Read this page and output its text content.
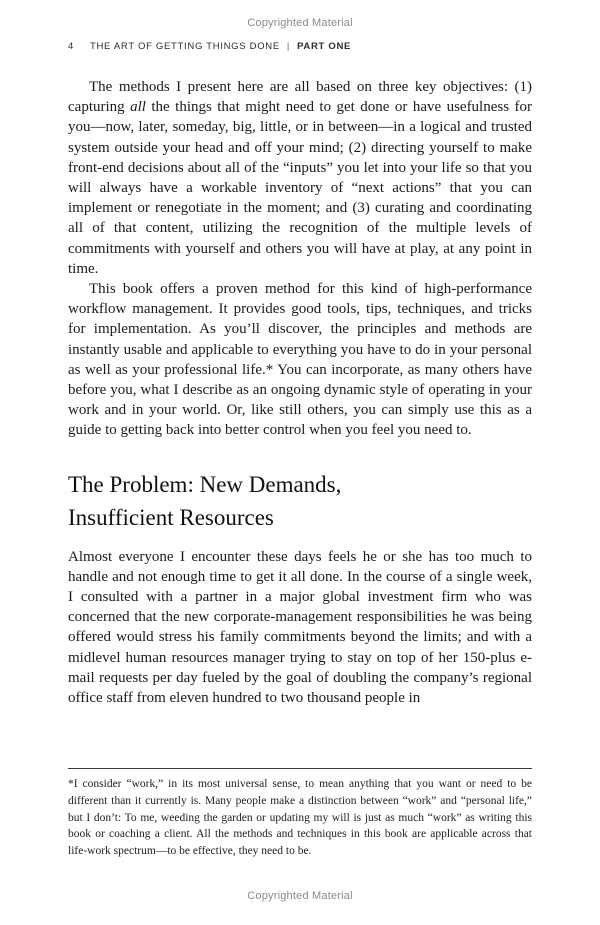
Copyrighted Material
4 THE ART OF GETTING THINGS DONE | PART ONE

The methods I present here are all based on three key objectives: (1) capturing all the things that might need to get done or have usefulness for you—now, later, someday, big, little, or in between—in a logical and trusted system outside your head and off your mind; (2) directing yourself to make front-end decisions about all of the “inputs” you let into your life so that you will always have a workable inventory of “next actions” that you can implement or renegotiate in the moment; and (3) curating and coordinating all of that content, utilizing the recognition of the multiple levels of commitments with yourself and others you will have at play, at any point in time.

This book offers a proven method for this kind of high-performance workflow management. It provides good tools, tips, techniques, and tricks for implementation. As you’ll discover, the principles and methods are instantly usable and applicable to everything you have to do in your personal as well as your professional life.* You can incorporate, as many others have before you, what I describe as an ongoing dynamic style of operating in your work and in your world. Or, like still others, you can simply use this as a guide to getting back into better control when you feel you need to.

The Problem: New Demands,
Insufficient Resources

Almost everyone I encounter these days feels he or she has too much to handle and not enough time to get it all done. In the course of a single week, I consulted with a partner in a major global investment firm who was concerned that the new corporate-management responsibilities he was being offered would stress his family commitments beyond the limits; and with a midlevel human resources manager trying to stay on top of her 150-plus e-mail requests per day fueled by the goal of doubling the company’s regional office staff from eleven hundred to two thousand people in

*I consider “work,” in its most universal sense, to mean anything that you want or need to be different than it currently is. Many people make a distinction between “work” and “personal life,” but I don’t: To me, weeding the garden or updating my will is just as much “work” as writing this book or coaching a client. All the methods and techniques in this book are applicable across that life-work spectrum—to be effective, they need to be.

Copyrighted Material
